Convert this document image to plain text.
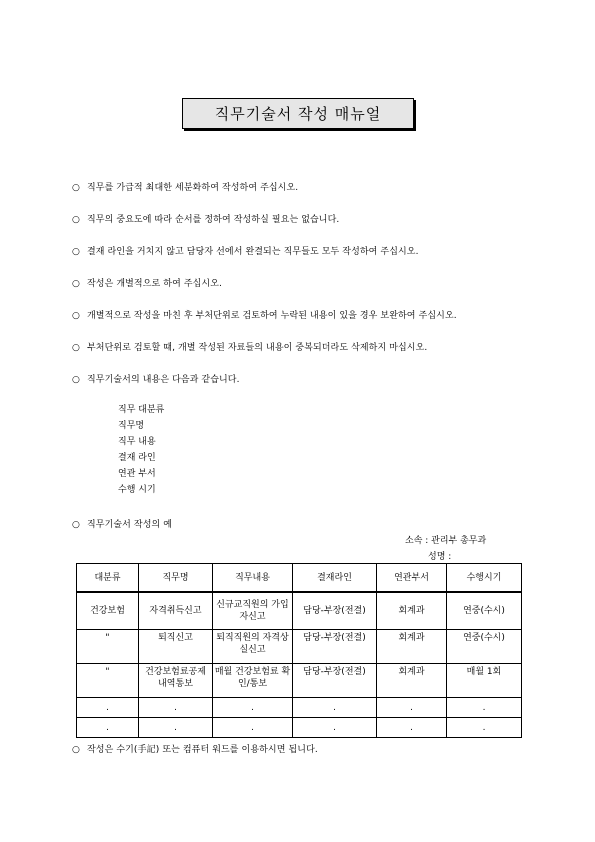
직무기술서 작성 매뉴얼
○ 직무를 가급적 최대한 세분화하여 작성하여 주십시오.
○ 직무의 중요도에 따라 순서를 정하여 작성하실 필요는 없습니다.
○ 결재 라인을 거치지 않고 담당자 선에서 완결되는 직무들도 모두 작성하여 주십시오.
○ 작성은 개별적으로 하여 주십시오.
○ 개별적으로 작성을 마친 후 부처단위로 검토하여 누락된 내용이 있을 경우 보완하여 주십시오.
○ 부처단위로 검토할 때, 개별 작성된 자료들의 내용이 중복되더라도 삭제하지 마십시오.
○ 직무기술서의 내용은 다음과 같습니다.
직무 대분류
직무명
직무 내용
결재 라인
연관 부서
수행 시기
○ 직무기술서 작성의 예
소속 : 관리부 총무과
성명 :
대분류	직무명	직무내용	결재라인	연관부서	수행시기
건강보험	자격취득신고	신규교직원의 가입자신고	담당-부장(전결)	회계과	연중(수시)
"	퇴직신고	퇴직직원의 자격상실신고	담당-부장(전결)	회계과	연중(수시)
"	건강보험료공제 내역통보	매월 건강보험료 확인/통보	담당-부장(전결)	회계과	매월 1회
.	.	.	.	.	.
.	.	.	.	.	.
○ 작성은 수기(手記) 또는 컴퓨터 워드를 이용하시면 됩니다.
